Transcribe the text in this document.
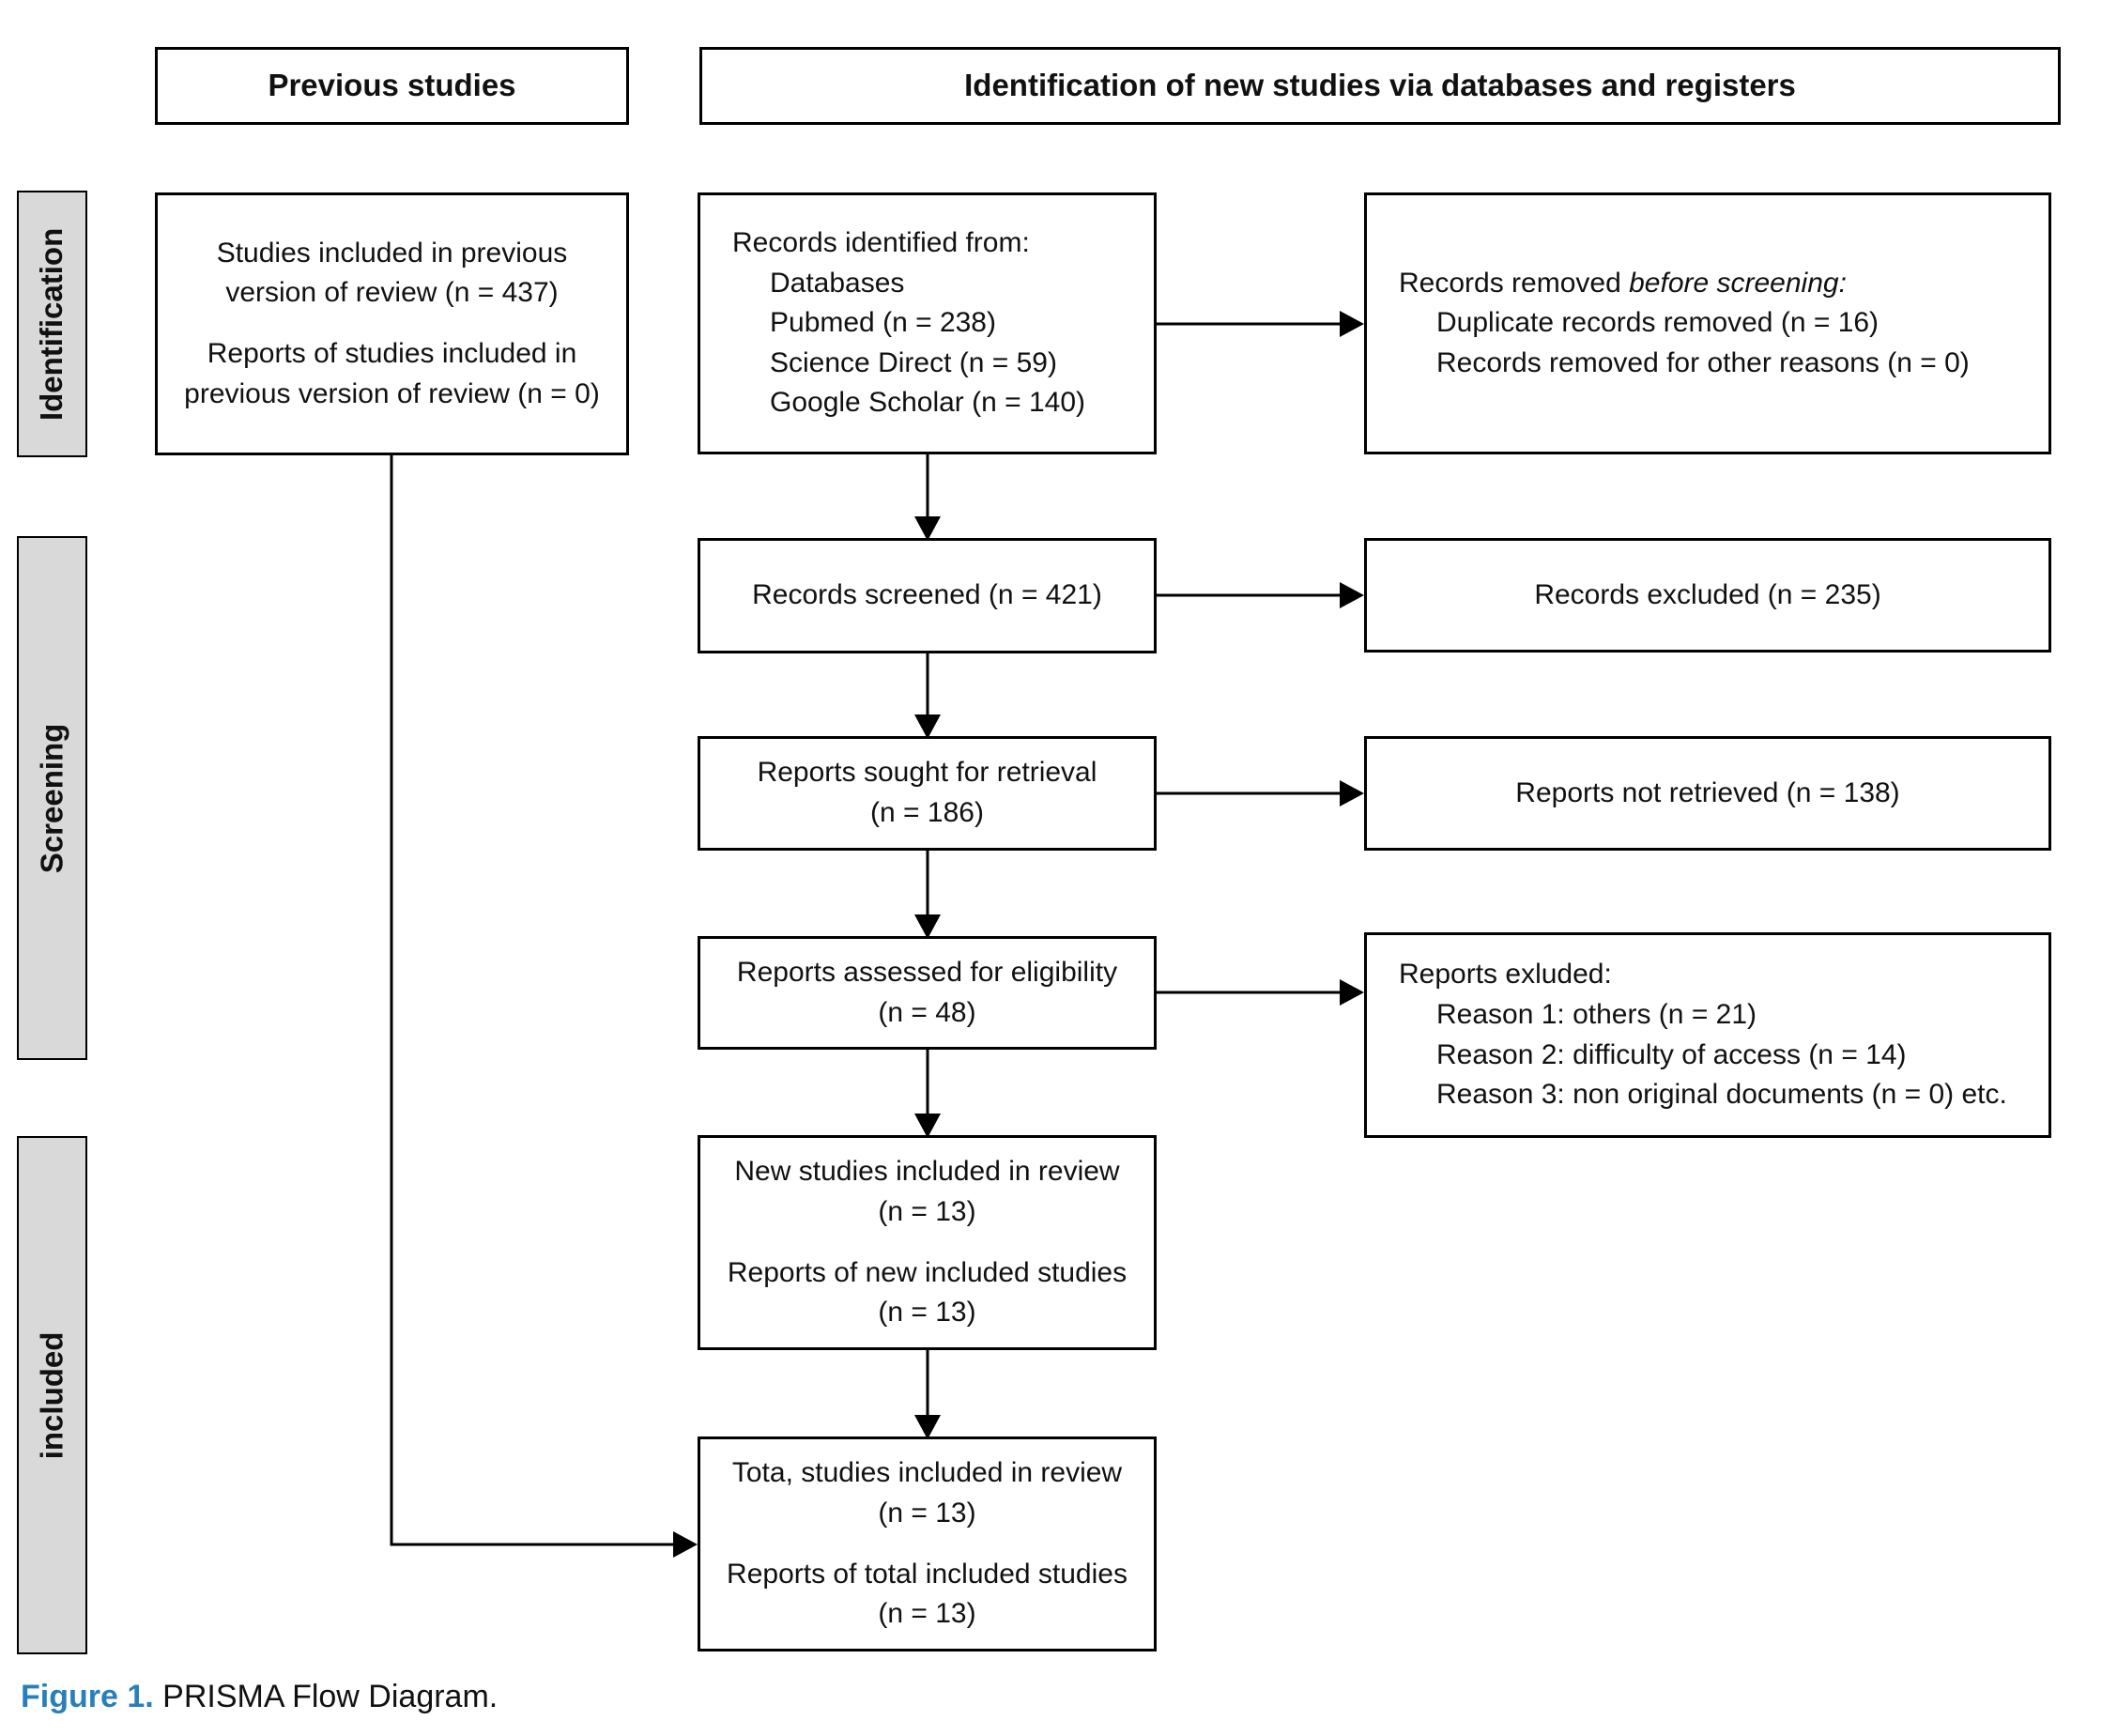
Previous studies	Identification of new studies via databases and registers
Identification
Screening
included
Studies included in previous version of review (n = 437)
Reports of studies included in previous version of review (n = 0)
Records identified from:
Databases
Pubmed (n = 238)
Science Direct (n = 59)
Google Scholar (n = 140)
Records screened (n = 421)
Reports sought for retrieval
(n = 186)
Reports assessed for eligibility
(n = 48)
New studies included in review
(n = 13)
Reports of new included studies
(n = 13)
Tota, studies included in review
(n = 13)
Reports of total included studies
(n = 13)
Records removed before screening:
Duplicate records removed (n = 16)
Records removed for other reasons (n = 0)
Records excluded (n = 235)
Reports not retrieved (n = 138)
Reports exluded:
Reason 1: others (n = 21)
Reason 2: difficulty of access (n = 14)
Reason 3: non original documents (n = 0) etc.
Figure 1. PRISMA Flow Diagram.
